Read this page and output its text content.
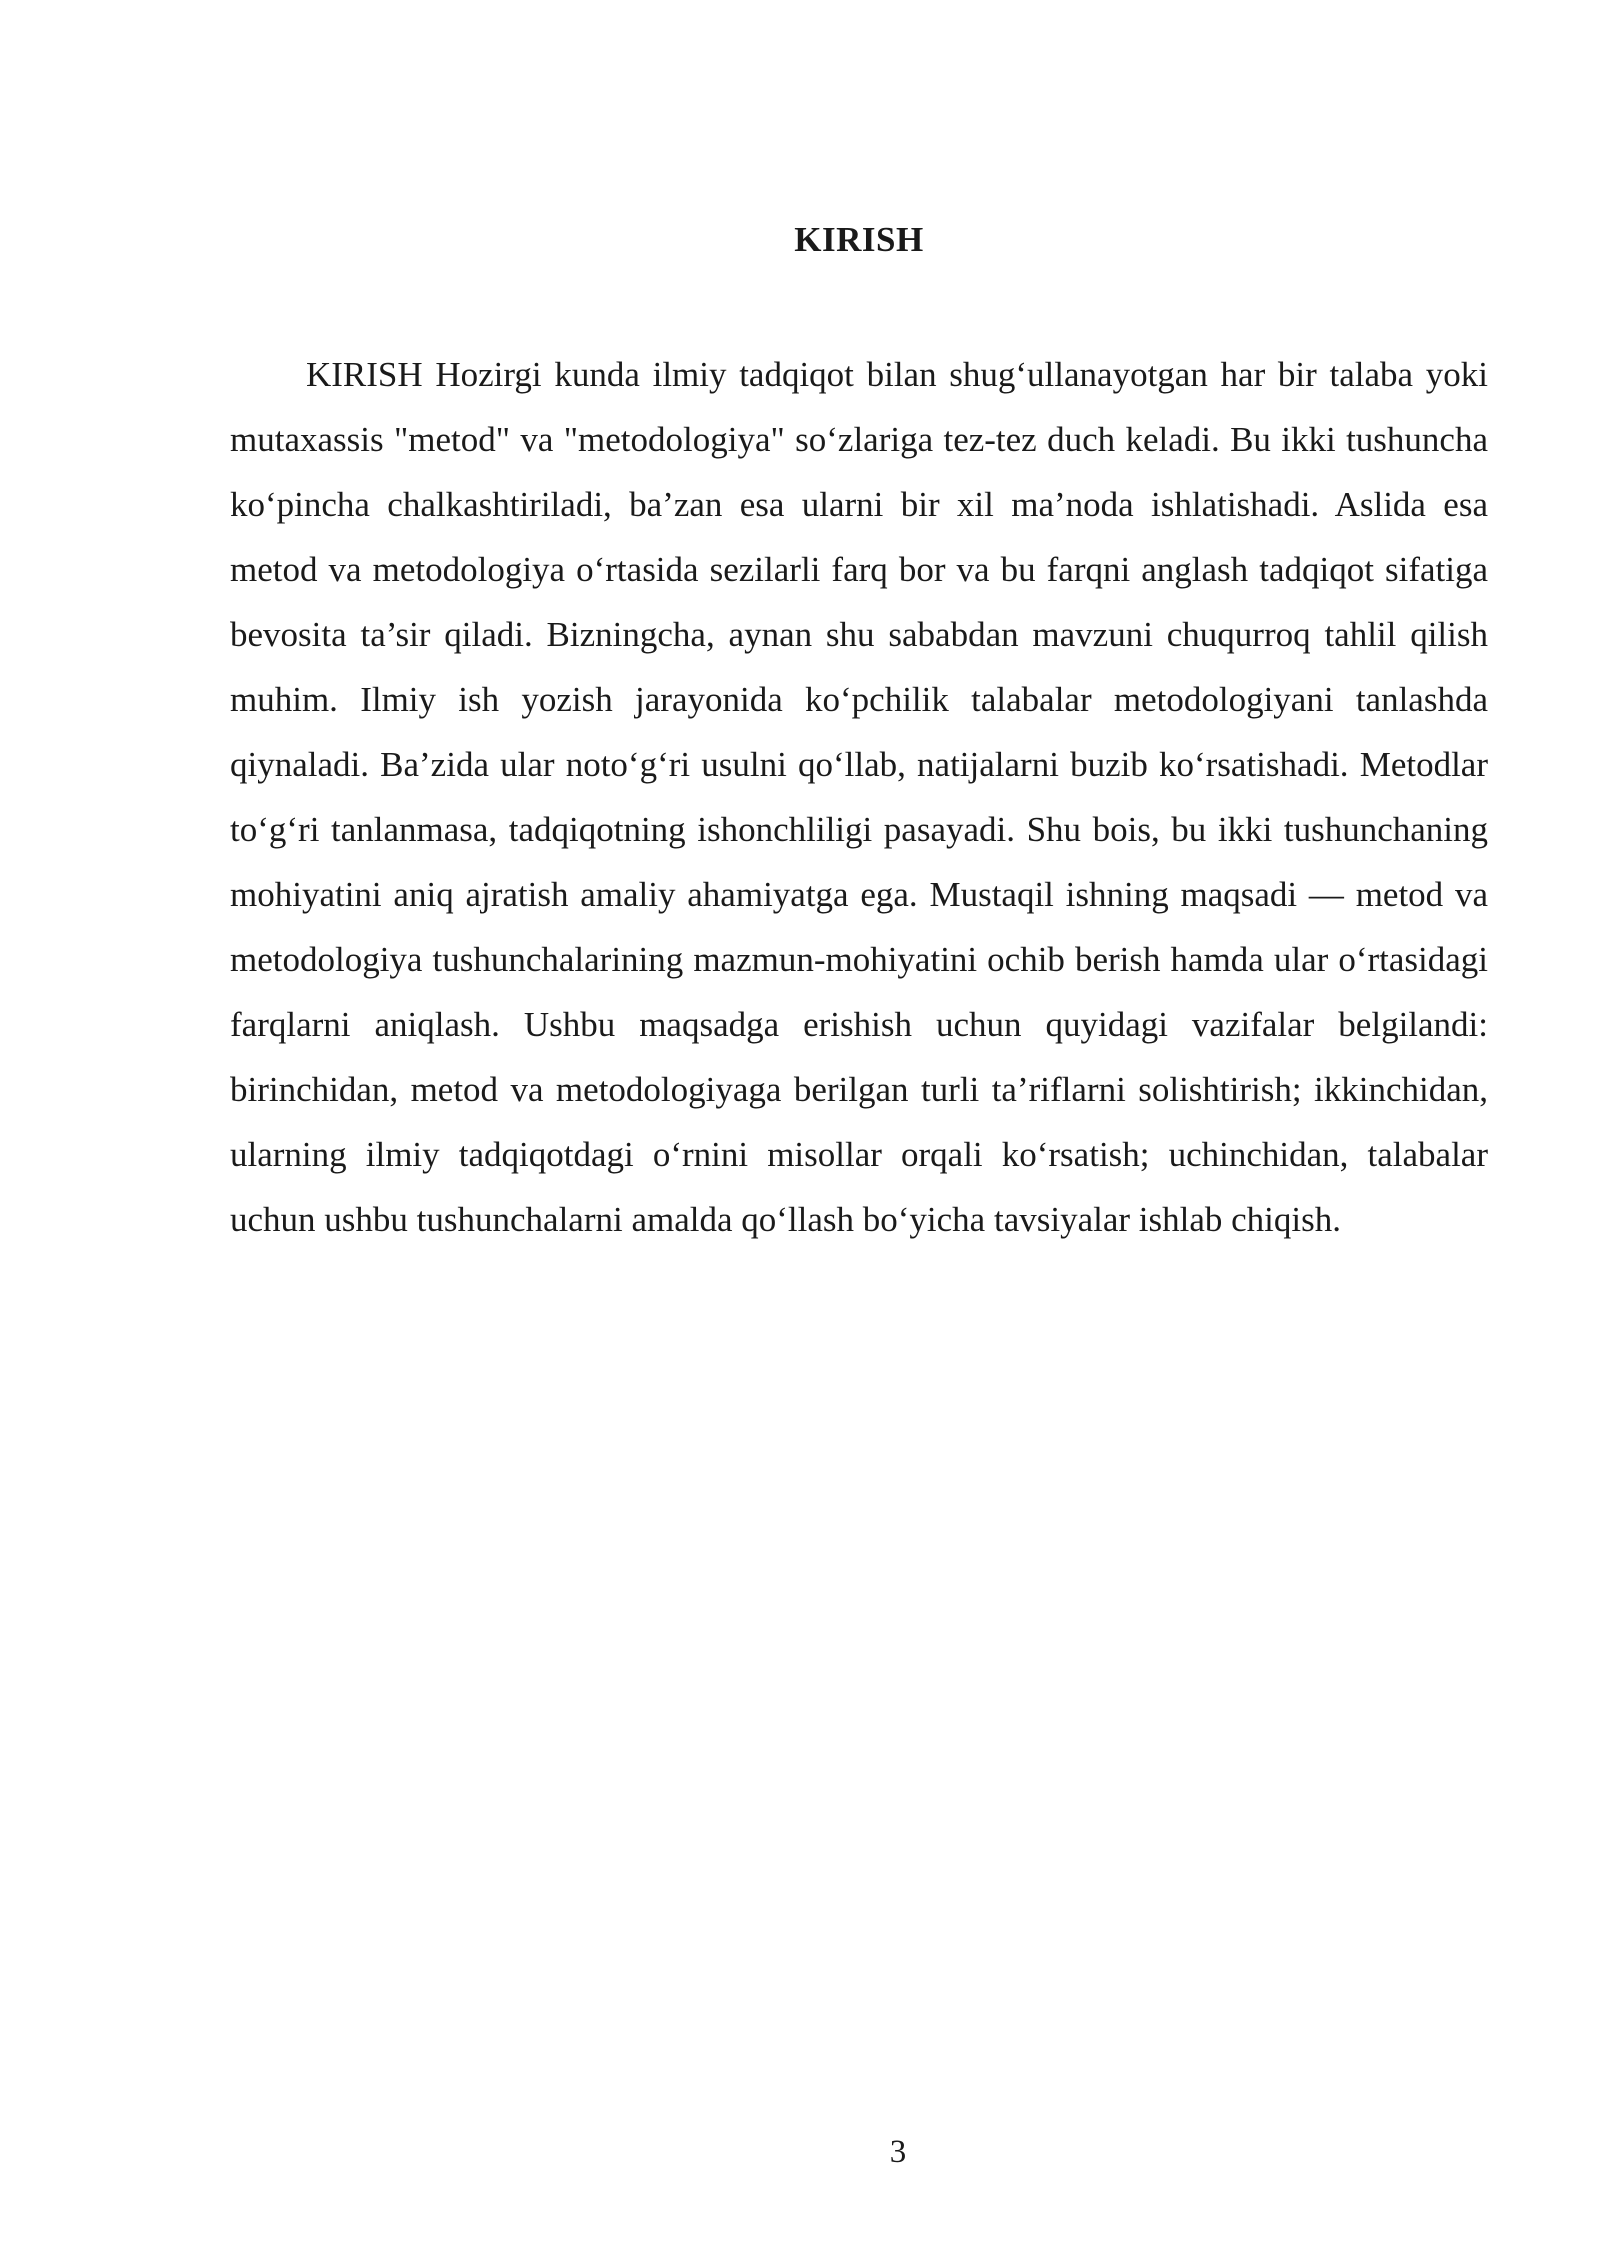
KIRISH

KIRISH Hozirgi kunda ilmiy tadqiqot bilan shug‘ullanayotgan har bir talaba yoki mutaxassis "metod" va "metodologiya" so‘zlariga tez-tez duch keladi. Bu ikki tushuncha ko‘pincha chalkashtiriladi, ba’zan esa ularni bir xil ma’noda ishlatishadi. Aslida esa metod va metodologiya o‘rtasida sezilarli farq bor va bu farqni anglash tadqiqot sifatiga bevosita ta’sir qiladi. Bizningcha, aynan shu sababdan mavzuni chuqurroq tahlil qilish muhim. Ilmiy ish yozish jarayonida ko‘pchilik talabalar metodologiyani tanlashda qiynaladi. Ba’zida ular noto‘g‘ri usulni qo‘llab, natijalarni buzib ko‘rsatishadi. Metodlar to‘g‘ri tanlanmasa, tadqiqotning ishonchliligi pasayadi. Shu bois, bu ikki tushunchaning mohiyatini aniq ajratish amaliy ahamiyatga ega. Mustaqil ishning maqsadi — metod va metodologiya tushunchalarining mazmun-mohiyatini ochib berish hamda ular o‘rtasidagi farqlarni aniqlash. Ushbu maqsadga erishish uchun quyidagi vazifalar belgilandi: birinchidan, metod va metodologiyaga berilgan turli ta’riflarni solishtirish; ikkinchidan, ularning ilmiy tadqiqotdagi o‘rnini misollar orqali ko‘rsatish; uchinchidan, talabalar uchun ushbu tushunchalarni amalda qo‘llash bo‘yicha tavsiyalar ishlab chiqish.

3
